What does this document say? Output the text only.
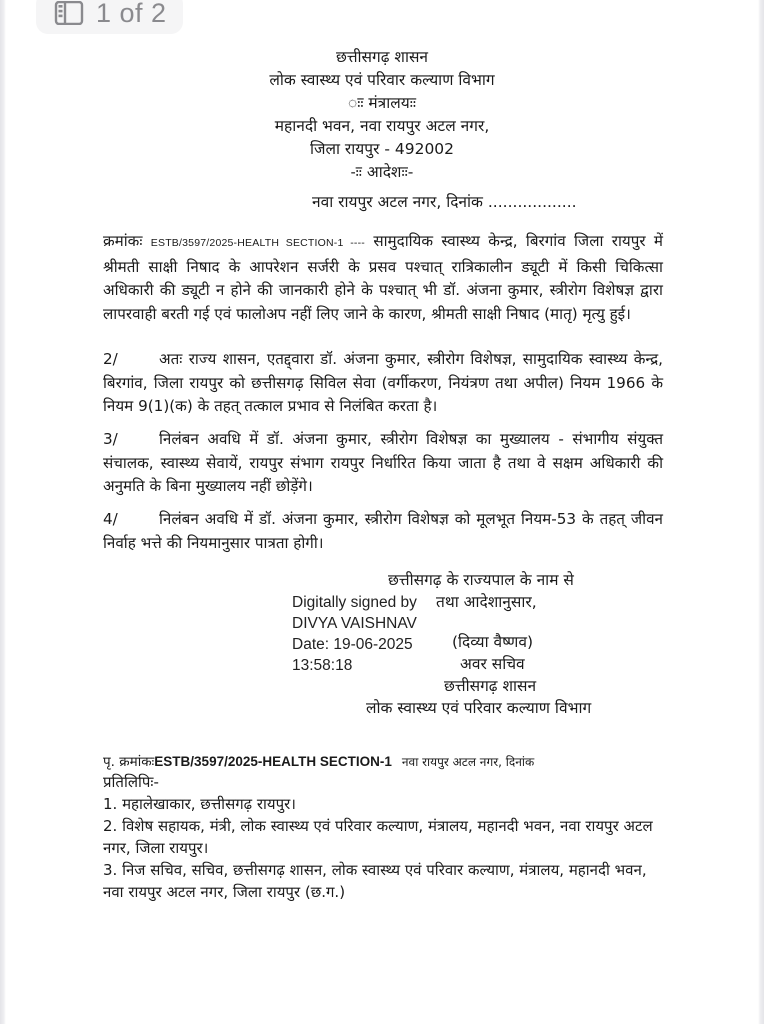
छत्तीसगढ़ शासन
लोक स्वास्थ्य एवं परिवार कल्याण विभाग
ःः मंत्रालयःः
महानदी भवन, नवा रायपुर अटल नगर,
जिला रायपुर - 492002
-ःः आदेशःः-
नवा रायपुर अटल नगर, दिनांक ..................
क्रमांकः ESTB/3597/2025-HEALTH SECTION-1 ---- सामुदायिक स्वास्थ्य केन्द्र, बिरगांव जिला रायपुर में श्रीमती साक्षी निषाद के आपरेशन सर्जरी के प्रसव पश्चात् रात्रिकालीन ड्यूटी में किसी चिकित्सा अधिकारी की ड्यूटी न होने की जानकारी होने के पश्चात् भी डॉ. अंजना कुमार, स्त्रीरोग विशेषज्ञ द्वारा लापरवाही बरती गई एवं फालोअप नहीं लिए जाने के कारण, श्रीमती साक्षी निषाद (मातृ) मृत्यु हुई।
2/	अतः राज्य शासन, एतद्द्वारा डॉ. अंजना कुमार, स्त्रीरोग विशेषज्ञ, सामुदायिक स्वास्थ्य केन्द्र, बिरगांव, जिला रायपुर को छत्तीसगढ़ सिविल सेवा (वर्गीकरण, नियंत्रण तथा अपील) नियम 1966 के नियम 9(1)(क) के तहत् तत्काल प्रभाव से निलंबित करता है।
3/	निलंबन अवधि में डॉ. अंजना कुमार, स्त्रीरोग विशेषज्ञ का मुख्यालय - संभागीय संयुक्त संचालक, स्वास्थ्य सेवायें, रायपुर संभाग रायपुर निर्धारित किया जाता है तथा वे सक्षम अधिकारी की अनुमति के बिना मुख्यालय नहीं छोड़ेंगे।
4/	निलंबन अवधि में डॉ. अंजना कुमार, स्त्रीरोग विशेषज्ञ को मूलभूत नियम-53 के तहत् जीवन निर्वाह भत्ते की नियमानुसार पात्रता होगी।
छत्तीसगढ़ के राज्यपाल के नाम से
तथा आदेशानुसार,
Digitally signed by
DIVYA VAISHNAV
Date: 19-06-2025
13:58:18
(दिव्या वैष्णव)
अवर सचिव
छत्तीसगढ़ शासन
लोक स्वास्थ्य एवं परिवार कल्याण विभाग
पृ. क्रमांकःESTB/3597/2025-HEALTH SECTION-1 नवा रायपुर अटल नगर, दिनांक
प्रतिलिपिः-
1. महालेखाकार, छत्तीसगढ़ रायपुर।
2. विशेष सहायक, मंत्री, लोक स्वास्थ्य एवं परिवार कल्याण, मंत्रालय, महानदी भवन, नवा रायपुर अटल नगर, जिला रायपुर।
3. निज सचिव, सचिव, छत्तीसगढ़ शासन, लोक स्वास्थ्य एवं परिवार कल्याण, मंत्रालय, महानदी भवन, नवा रायपुर अटल नगर, जिला रायपुर (छ.ग.)
1 of 2
